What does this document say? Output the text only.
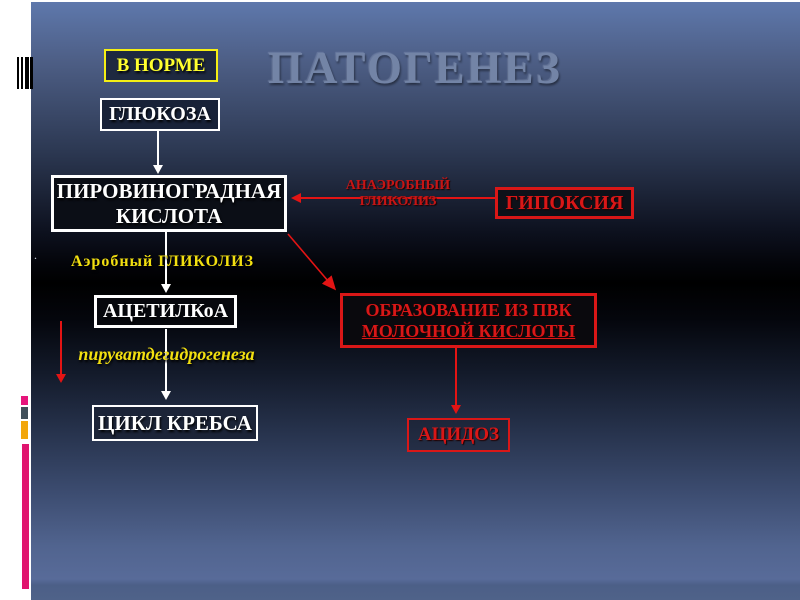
ПАТОГЕНЕЗ
.
В НОРМЕ
ГЛЮКОЗА
ПИРОВИНОГРАДНАЯ
КИСЛОТА
ГИПОКСИЯ
АЦЕТИЛКоА
ЦИКЛ КРЕБСА
ОБРАЗОВАНИЕ ИЗ ПВК
МОЛОЧНОЙ КИСЛОТЫ
АЦИДОЗ
АНАЭРОБНЫЙ
ГЛИКОЛИЗ
Аэробный ГЛИКОЛИЗ
пируватдегидрогенеза
